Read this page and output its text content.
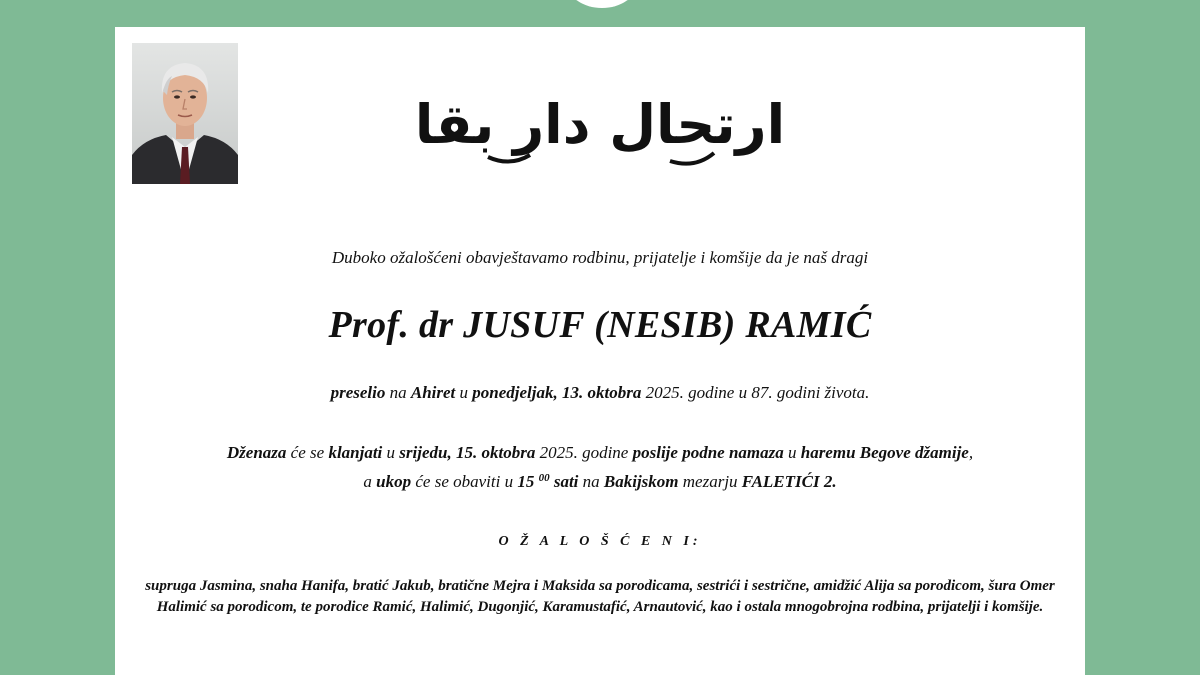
ارتحال دار بقا
Duboko ožalošćeni obavještavamo rodbinu, prijatelje i komšije da je naš dragi
Prof. dr JUSUF (NESIB) RAMIĆ
preselio na Ahiret u ponedjeljak, 13. oktobra 2025. godine u 87. godini života.
Dženaza će se klanjati u srijedu, 15. oktobra 2025. godine poslije podne namaza u haremu Begove džamije,
a ukop će se obaviti u 15 $^{00}$ sati na Bakijskom mezarju FALETIĆI 2.
O Ž A L O Š Ć E N I:
supruga Jasmina, snaha Hanifa, bratić Jakub, bratične Mejra i Maksida sa porodicama, sestrići i sestrične, amidžić Alija sa porodicom, šura Omer Halimić sa porodicom, te porodice Ramić, Halimić, Dugonjić, Karamustafić, Arnautović, kao i ostala mnogobrojna rodbina, prijatelji i komšije.
